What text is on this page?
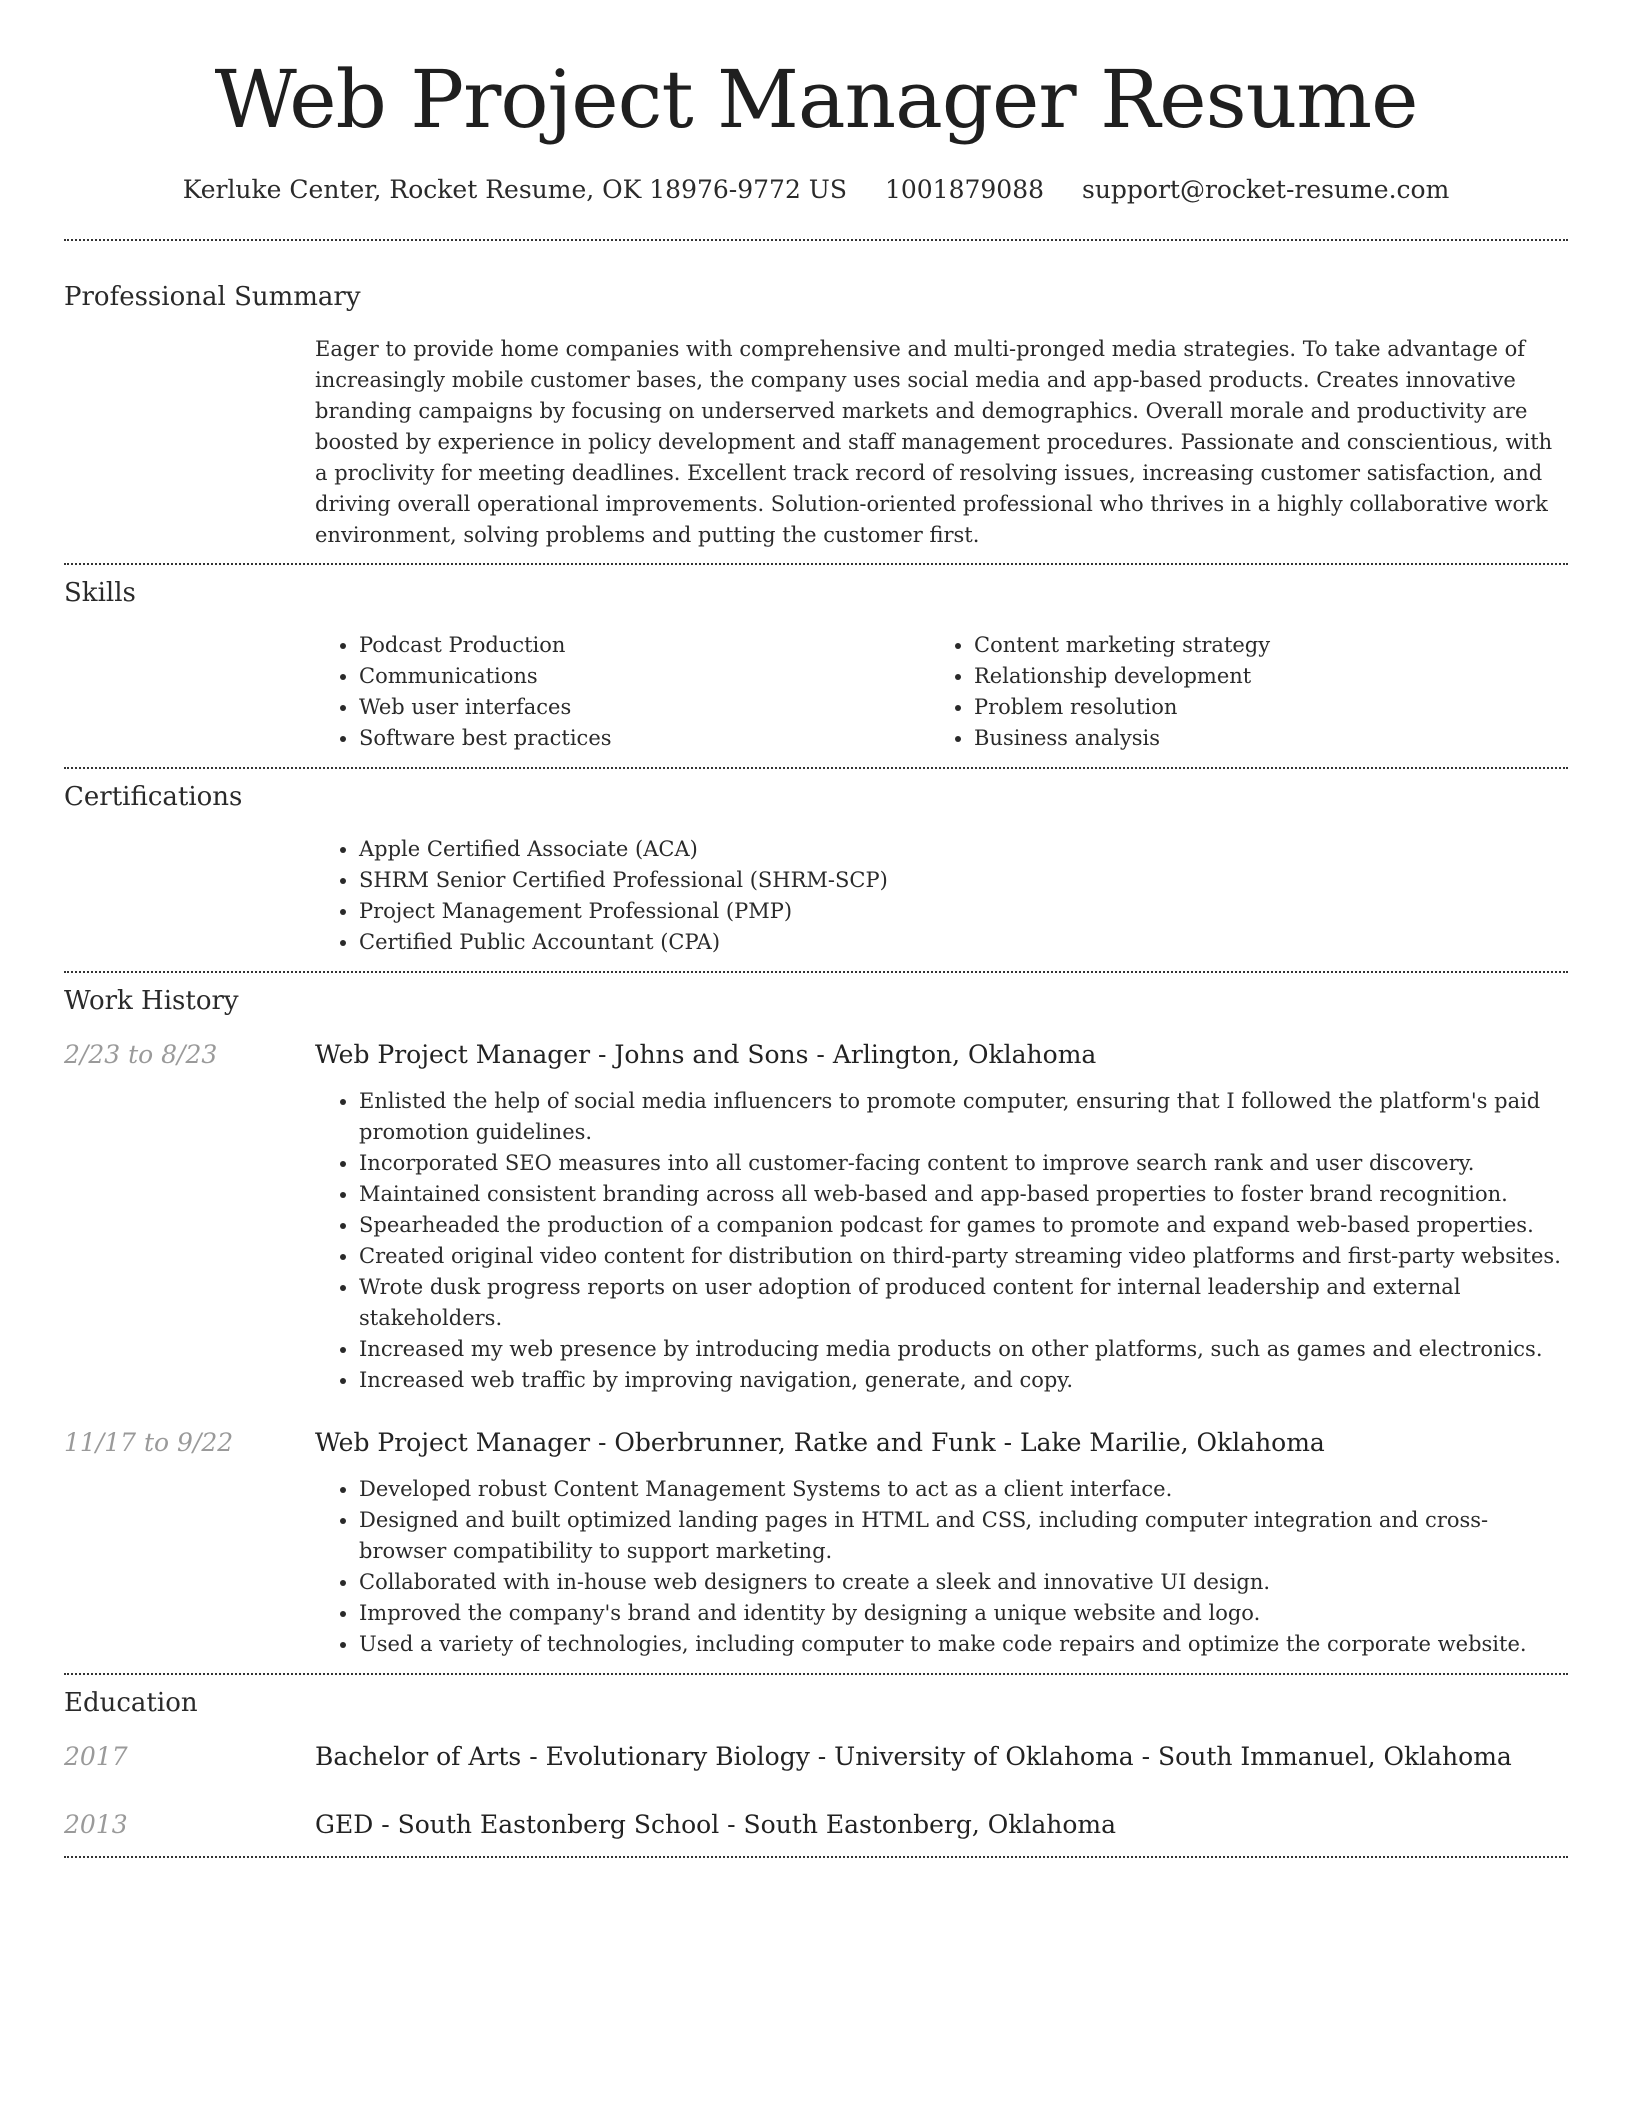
Web Project Manager Resume
Kerluke Center, Rocket Resume, OK 18976-9772 US 1001879088 support@rocket-resume.com
Professional Summary
Eager to provide home companies with comprehensive and multi-pronged media strategies. To take advantage of increasingly mobile customer bases, the company uses social media and app-based products. Creates innovative branding campaigns by focusing on underserved markets and demographics. Overall morale and productivity are boosted by experience in policy development and staff management procedures. Passionate and conscientious, with a proclivity for meeting deadlines. Excellent track record of resolving issues, increasing customer satisfaction, and driving overall operational improvements. Solution-oriented professional who thrives in a highly collaborative work environment, solving problems and putting the customer first.
Skills
• Podcast Production
• Communications
• Web user interfaces
• Software best practices
• Content marketing strategy
• Relationship development
• Problem resolution
• Business analysis
Certifications
• Apple Certified Associate (ACA)
• SHRM Senior Certified Professional (SHRM-SCP)
• Project Management Professional (PMP)
• Certified Public Accountant (CPA)
Work History
2/23 to 8/23	Web Project Manager - Johns and Sons - Arlington, Oklahoma
• Enlisted the help of social media influencers to promote computer, ensuring that I followed the platform's paid promotion guidelines.
• Incorporated SEO measures into all customer-facing content to improve search rank and user discovery.
• Maintained consistent branding across all web-based and app-based properties to foster brand recognition.
• Spearheaded the production of a companion podcast for games to promote and expand web-based properties.
• Created original video content for distribution on third-party streaming video platforms and first-party websites.
• Wrote dusk progress reports on user adoption of produced content for internal leadership and external stakeholders.
• Increased my web presence by introducing media products on other platforms, such as games and electronics.
• Increased web traffic by improving navigation, generate, and copy.
11/17 to 9/22	Web Project Manager - Oberbrunner, Ratke and Funk - Lake Marilie, Oklahoma
• Developed robust Content Management Systems to act as a client interface.
• Designed and built optimized landing pages in HTML and CSS, including computer integration and cross-browser compatibility to support marketing.
• Collaborated with in-house web designers to create a sleek and innovative UI design.
• Improved the company's brand and identity by designing a unique website and logo.
• Used a variety of technologies, including computer to make code repairs and optimize the corporate website.
Education
2017	Bachelor of Arts - Evolutionary Biology - University of Oklahoma - South Immanuel, Oklahoma
2013	GED - South Eastonberg School - South Eastonberg, Oklahoma
